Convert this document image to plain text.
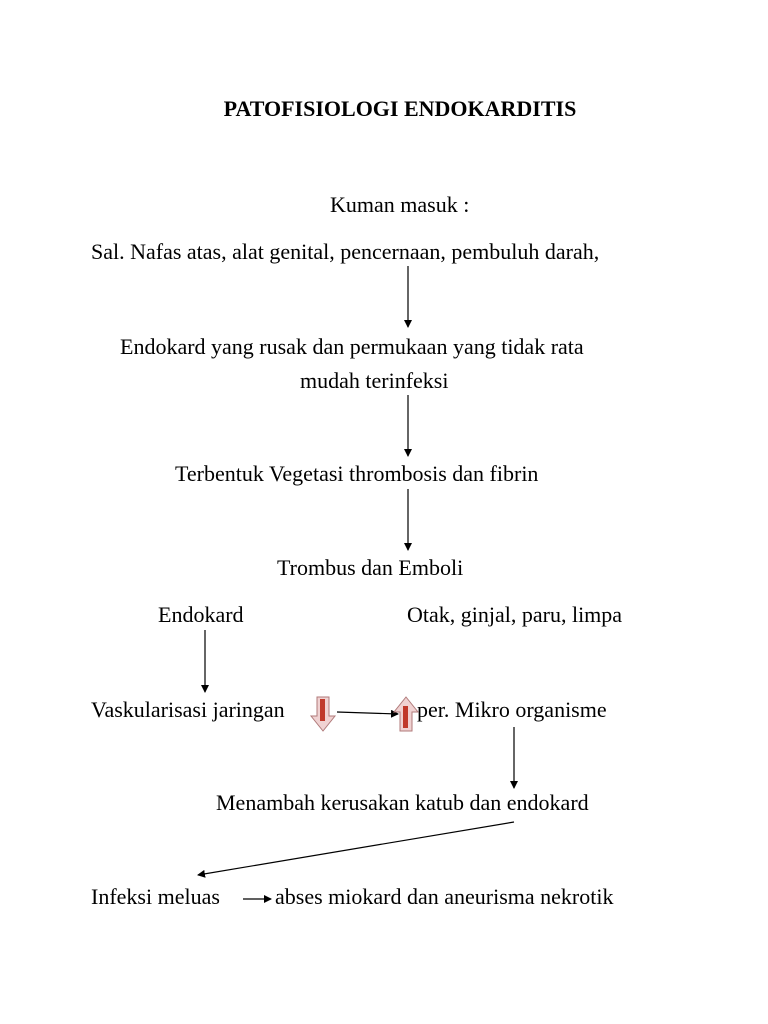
PATOFISIOLOGI ENDOKARDITIS
Kuman masuk :
Sal. Nafas atas, alat genital, pencernaan, pembuluh darah,
Endokard yang rusak dan permukaan yang tidak rata
mudah terinfeksi
Terbentuk Vegetasi thrombosis dan fibrin
Trombus dan Emboli
Endokard	Otak, ginjal, paru, limpa
Vaskularisasi jaringan	per. Mikro organisme
Menambah kerusakan katub dan endokard
Infeksi meluas	abses miokard dan aneurisma nekrotik
